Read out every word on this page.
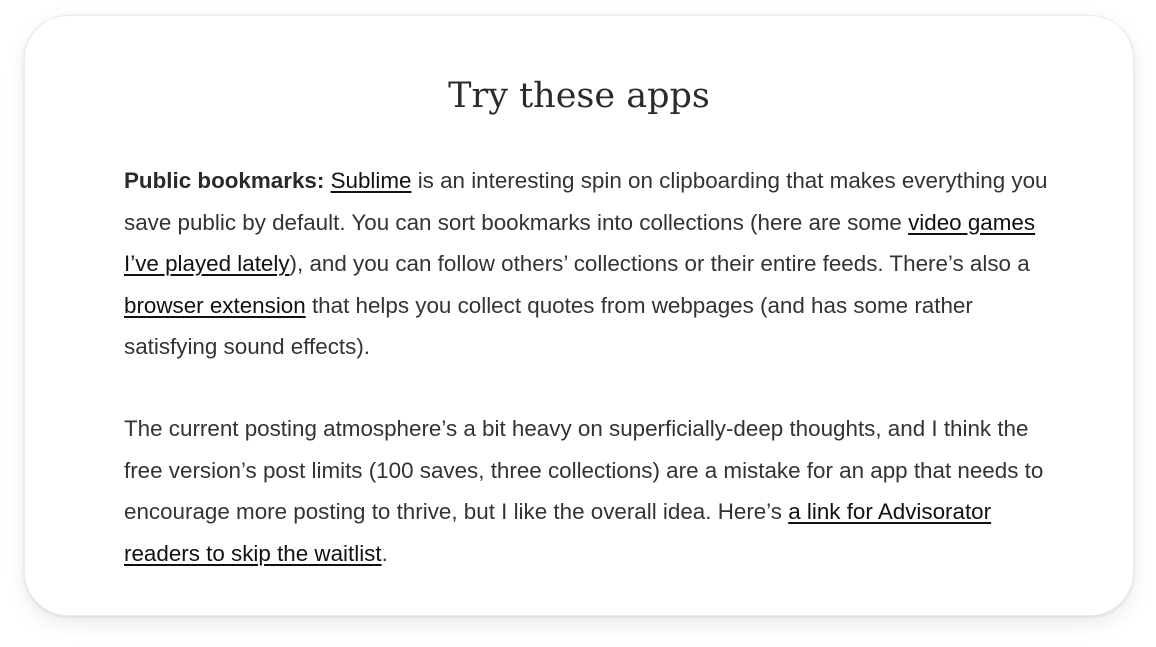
Try these apps

Public bookmarks: Sublime is an interesting spin on clipboarding that makes everything you save public by default. You can sort bookmarks into collections (here are some video games I’ve played lately), and you can follow others’ collections or their entire feeds. There’s also a browser extension that helps you collect quotes from webpages (and has some rather satisfying sound effects).

The current posting atmosphere’s a bit heavy on superficially-deep thoughts, and I think the free version’s post limits (100 saves, three collections) are a mistake for an app that needs to encourage more posting to thrive, but I like the overall idea. Here’s a link for Advisorator readers to skip the waitlist.
